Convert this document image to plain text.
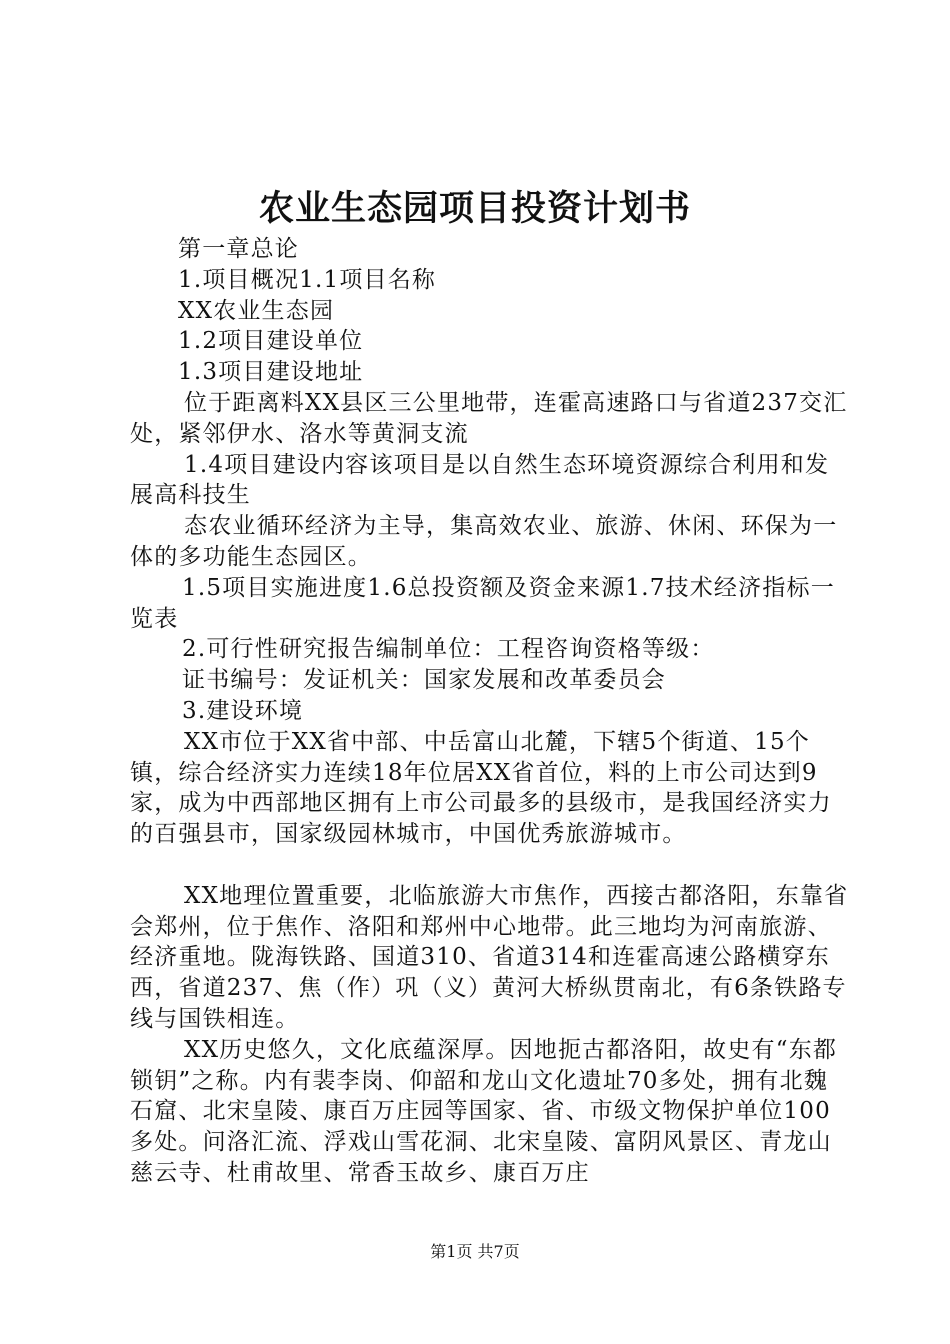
农业生态园项目投资计划书

第一章总论

1.项目概况1.1项目名称

XX农业生态园

1.2项目建设单位

1.3项目建设地址

位于距离料XX县区三公里地带，连霍高速路口与省道237交汇处，紧邻伊水、洛水等黄洞支流

1.4项目建设内容该项目是以自然生态环境资源综合利用和发展高科技生

态农业循环经济为主导，集高效农业、旅游、休闲、环保为一体的多功能生态园区。

1.5项目实施进度1.6总投资额及资金来源1.7技术经济指标一览表

2.可行性研究报告编制单位：工程咨询资格等级：

证书编号：发证机关：国家发展和改革委员会

3.建设环境

XX市位于XX省中部、中岳富山北麓，下辖5个街道、15个镇，综合经济实力连续18年位居XX省首位，料的上市公司达到9家，成为中西部地区拥有上市公司最多的县级市，是我国经济实力的百强县市，国家级园林城市，中国优秀旅游城市。

XX地理位置重要，北临旅游大市焦作，西接古都洛阳，东靠省会郑州，位于焦作、洛阳和郑州中心地带。此三地均为河南旅游、经济重地。陇海铁路、国道310、省道314和连霍高速公路横穿东西，省道237、焦（作）巩（义）黄河大桥纵贯南北，有6条铁路专线与国铁相连。

XX历史悠久，文化底蕴深厚。因地扼古都洛阳，故史有“东都锁钥”之称。内有裴李岗、仰韶和龙山文化遗址70多处，拥有北魏石窟、北宋皇陵、康百万庄园等国家、省、市级文物保护单位100多处。问洛汇流、浮戏山雪花洞、北宋皇陵、富阴风景区、青龙山慈云寺、杜甫故里、常香玉故乡、康百万庄

第1页 共7页
